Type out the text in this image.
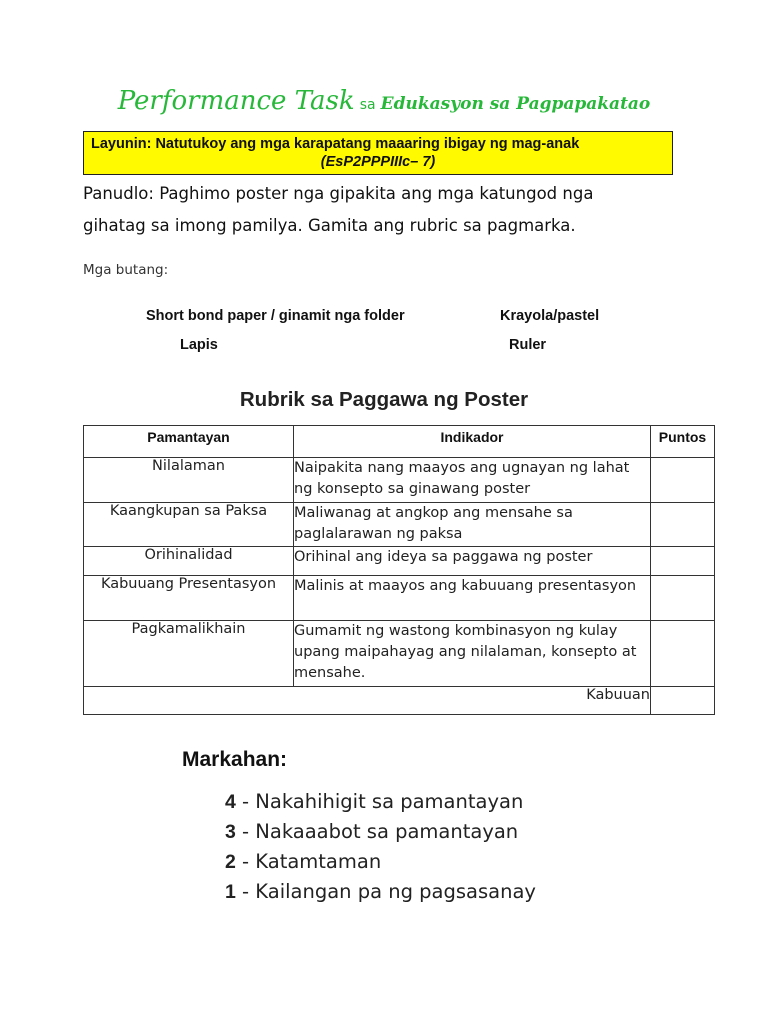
Performance Task sa Edukasyon sa Pagpapakatao
Layunin: Natutukoy ang mga karapatang maaaring ibigay ng mag-anak
(EsP2PPPIIIc– 7)
Panudlo: Paghimo poster nga gipakita ang mga katungod nga
gihatag sa imong pamilya. Gamita ang rubric sa pagmarka.
Mga butang:
Short bond paper / ginamit nga folder	Krayola/pastel
Lapis	Ruler
Rubrik sa Paggawa ng Poster
Pamantayan	Indikador	Puntos
Nilalaman	Naipakita nang maayos ang ugnayan ng lahat ng konsepto sa ginawang poster	
Kaangkupan sa Paksa	Maliwanag at angkop ang mensahe sa paglalarawan ng paksa	
Orihinalidad	Orihinal ang ideya sa paggawa ng poster	
Kabuuang Presentasyon	Malinis at maayos ang kabuuang presentasyon	
Pagkamalikhain	Gumamit ng wastong kombinasyon ng kulay upang maipahayag ang nilalaman, konsepto at mensahe.	
Kabuuan		
Markahan:
4 - Nakahihigit sa pamantayan
3 - Nakaaabot sa pamantayan
2 - Katamtaman
1 - Kailangan pa ng pagsasanay
